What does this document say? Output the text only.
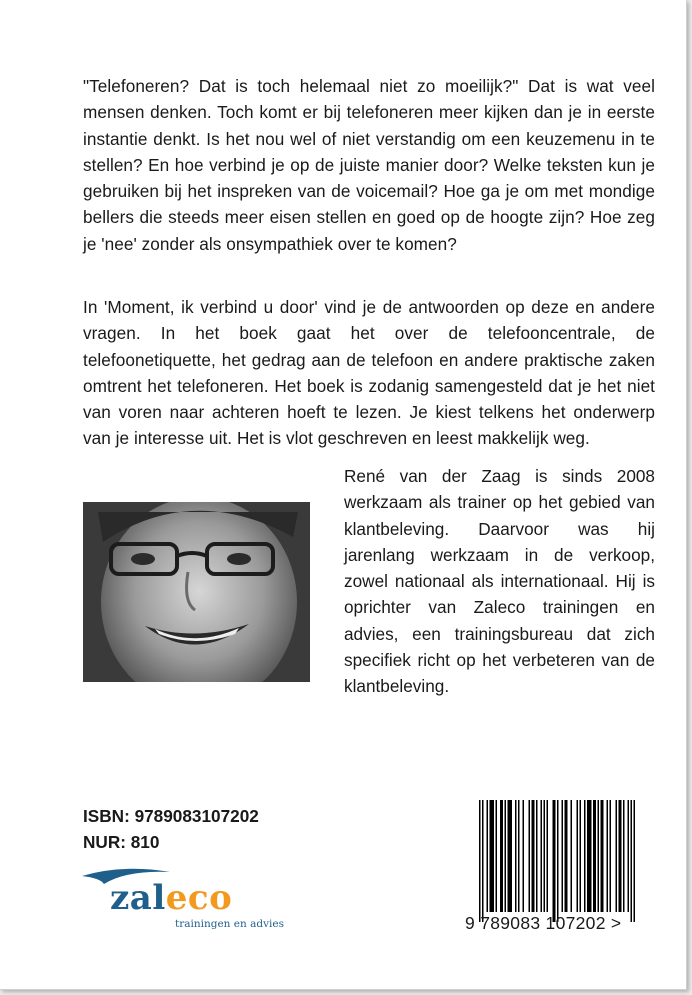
"Telefoneren? Dat is toch helemaal niet zo moeilijk?" Dat is wat veel mensen denken. Toch komt er bij telefoneren meer kijken dan je in eerste instantie denkt. Is het nou wel of niet verstandig om een keuzemenu in te stellen? En hoe verbind je op de juiste manier door? Welke teksten kun je gebruiken bij het inspreken van de voicemail? Hoe ga je om met mondige bellers die steeds meer eisen stellen en goed op de hoogte zijn? Hoe zeg je 'nee' zonder als onsympathiek over te komen?

In 'Moment, ik verbind u door' vind je de antwoorden op deze en andere vragen. In het boek gaat het over de telefooncentrale, de telefoonetiquette, het gedrag aan de telefoon en andere praktische zaken omtrent het telefoneren. Het boek is zodanig samengesteld dat je het niet van voren naar achteren hoeft te lezen. Je kiest telkens het onderwerp van je interesse uit. Het is vlot geschreven en leest makkelijk weg.

René van der Zaag is sinds 2008 werkzaam als trainer op het gebied van klantbeleving. Daarvoor was hij jarenlang werkzaam in de verkoop, zowel nationaal als internationaal. Hij is oprichter van Zaleco trainingen en advies, een trainingsbureau dat zich specifiek richt op het verbeteren van de klantbeleving.

ISBN: 9789083107202
NUR: 810
zaleco
trainingen en advies	9 789083 107202 >
